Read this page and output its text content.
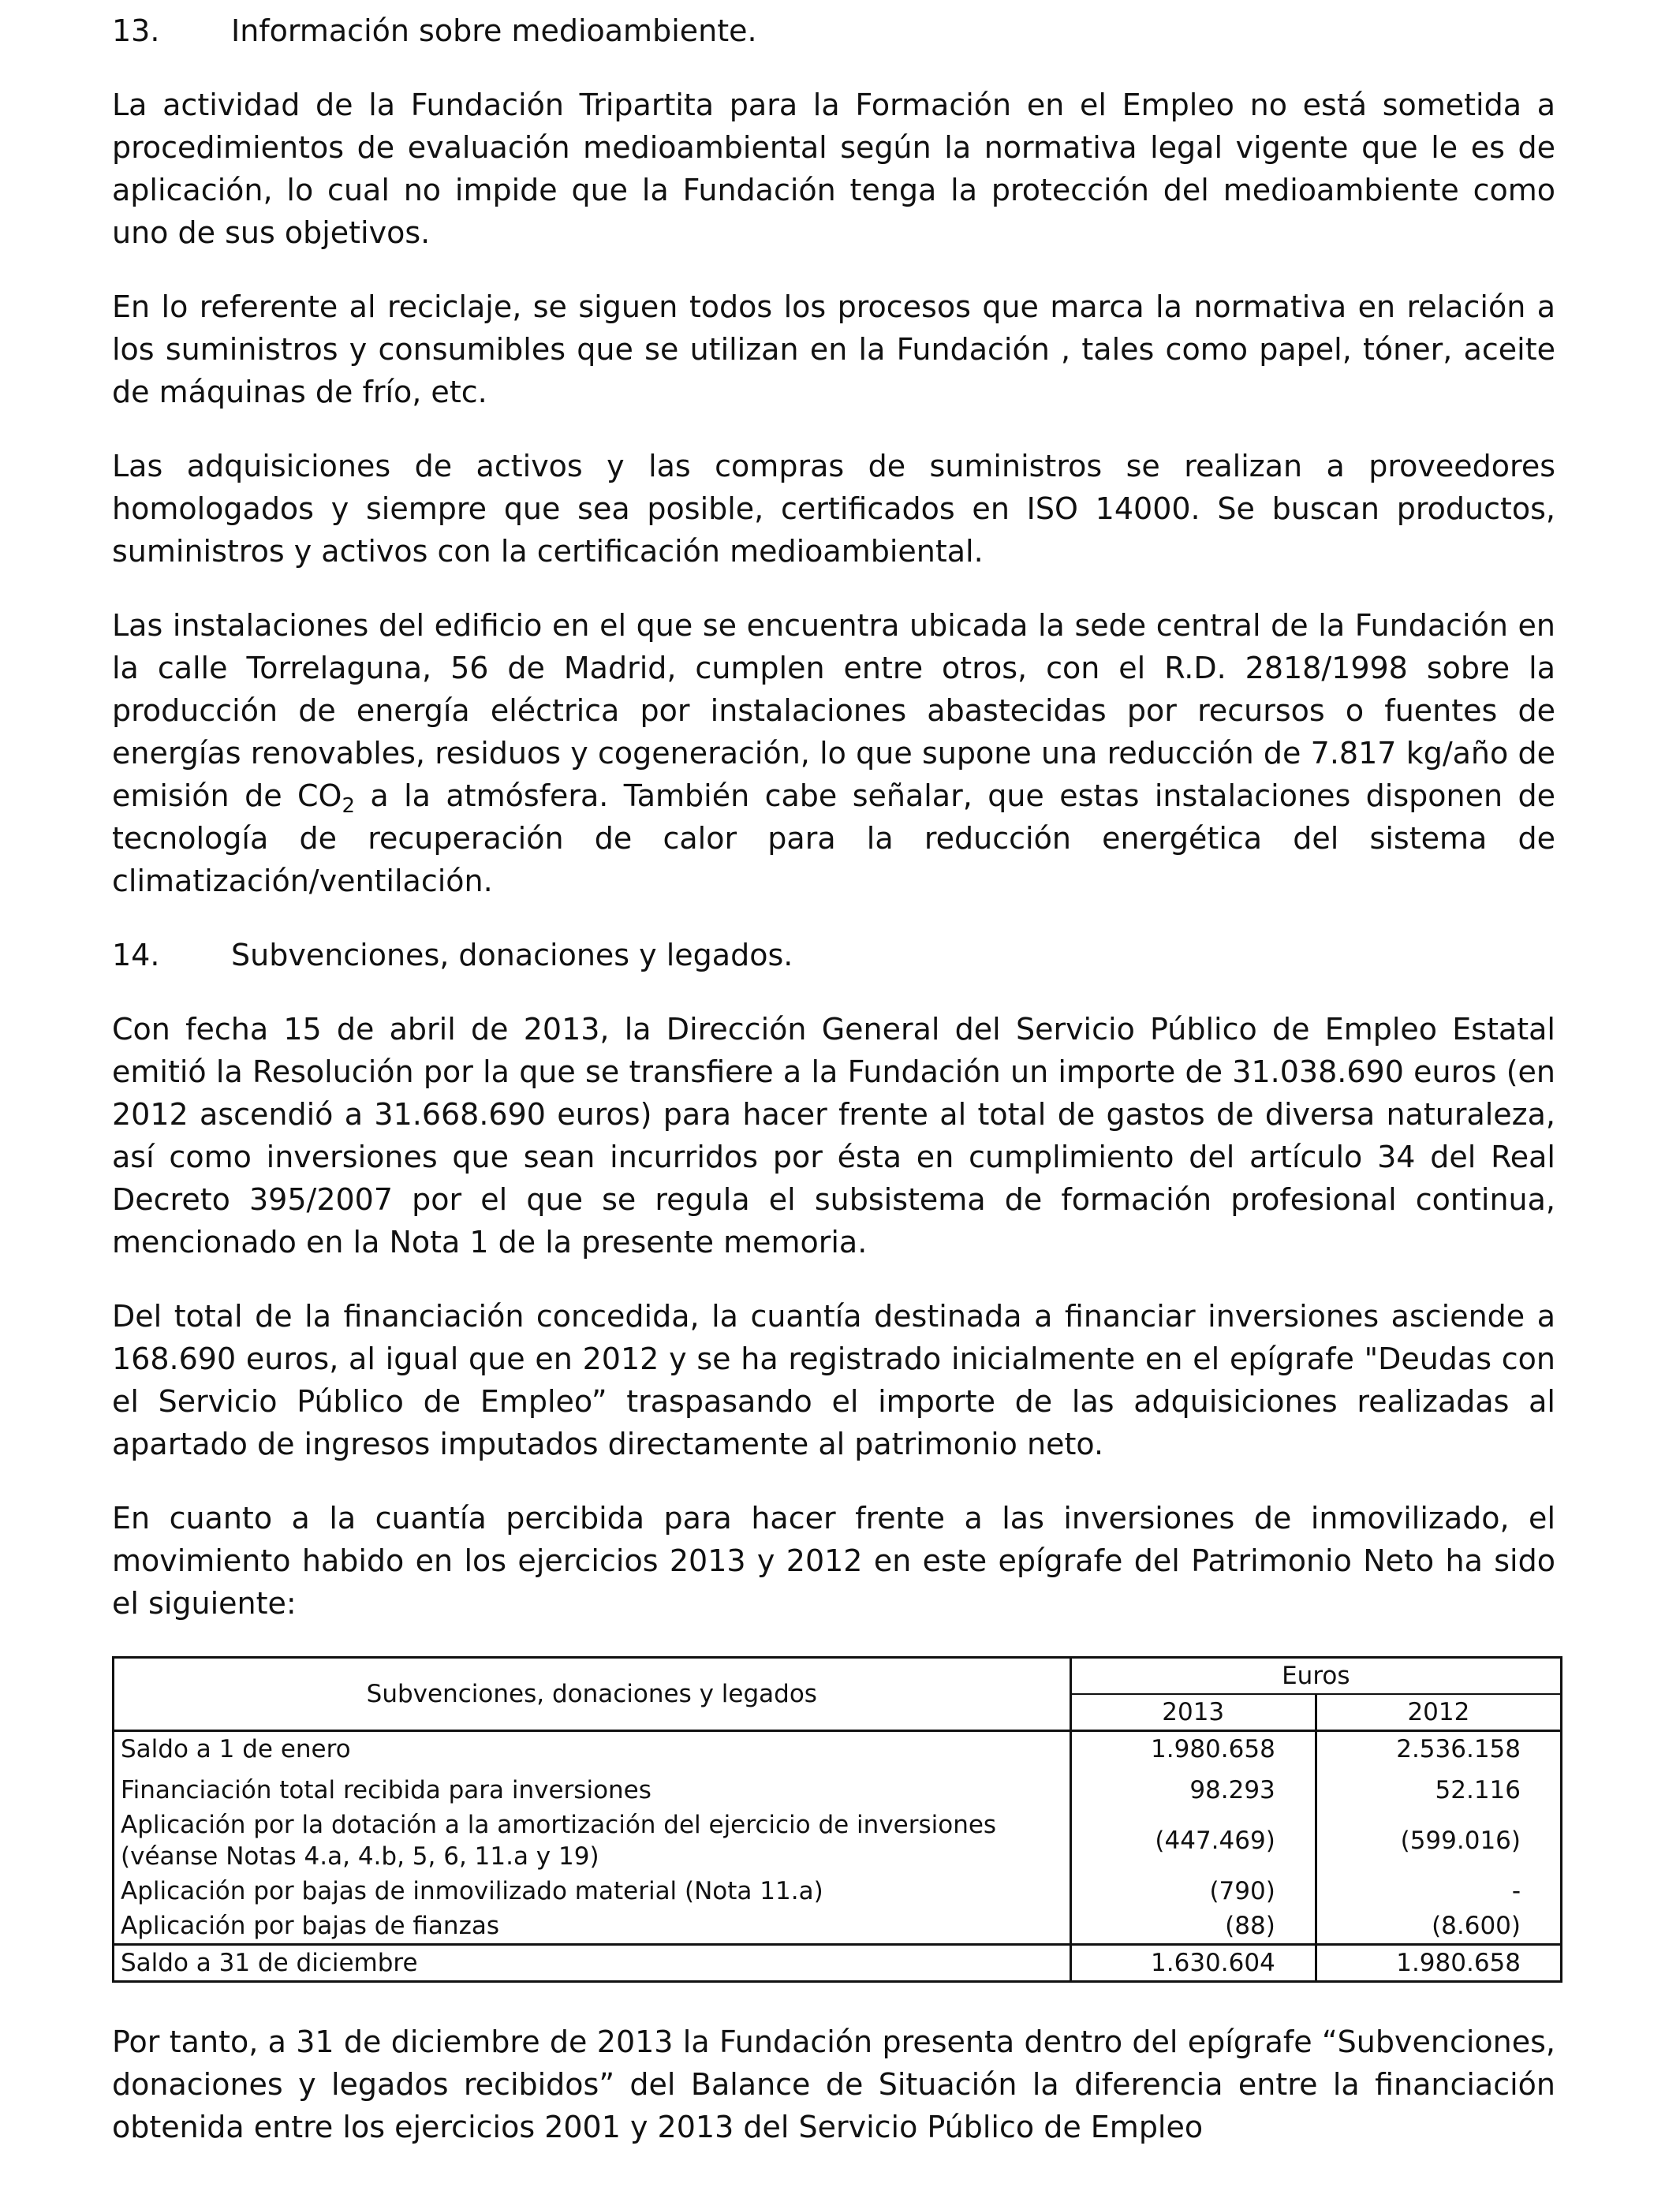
13.	Información sobre medioambiente.

La actividad de la Fundación Tripartita para la Formación en el Empleo no está sometida a procedimientos de evaluación medioambiental según la normativa legal vigente que le es de aplicación, lo cual no impide que la Fundación tenga la protección del medioambiente como uno de sus objetivos.

En lo referente al reciclaje, se siguen todos los procesos que marca la normativa en relación a los suministros y consumibles que se utilizan en la Fundación , tales como papel, tóner, aceite de máquinas de frío, etc.

Las adquisiciones de activos y las compras de suministros se realizan a proveedores homologados y siempre que sea posible, certificados en ISO 14000. Se buscan productos, suministros y activos con la certificación medioambiental.

Las instalaciones del edificio en el que se encuentra ubicada la sede central de la Fundación en la calle Torrelaguna, 56 de Madrid, cumplen entre otros, con el R.D. 2818/1998 sobre la producción de energía eléctrica por instalaciones abastecidas por recursos o fuentes de energías renovables, residuos y cogeneración, lo que supone una reducción de 7.817 kg/año de emisión de $CO_2$ a la atmósfera. También cabe señalar, que estas instalaciones disponen de tecnología de recuperación de calor para la reducción energética del sistema de climatización/ventilación.

14.	Subvenciones, donaciones y legados.

Con fecha 15 de abril de 2013, la Dirección General del Servicio Público de Empleo Estatal emitió la Resolución por la que se transfiere a la Fundación un importe de 31.038.690 euros (en 2012 ascendió a 31.668.690 euros) para hacer frente al total de gastos de diversa naturaleza, así como inversiones que sean incurridos por ésta en cumplimiento del artículo 34 del Real Decreto 395/2007 por el que se regula el subsistema de formación profesional continua, mencionado en la Nota 1 de la presente memoria.

Del total de la financiación concedida, la cuantía destinada a financiar inversiones asciende a 168.690 euros, al igual que en 2012 y se ha registrado inicialmente en el epígrafe "Deudas con el Servicio Público de Empleo” traspasando el importe de las adquisiciones realizadas al apartado de ingresos imputados directamente al patrimonio neto.

En cuanto a la cuantía percibida para hacer frente a las inversiones de inmovilizado, el movimiento habido en los ejercicios 2013 y 2012 en este epígrafe del Patrimonio Neto ha sido el siguiente:

Subvenciones, donaciones y legados	Euros	
	2013	2012
Saldo a 1 de enero	1.980.658	2.536.158
Financiación total recibida para inversiones	98.293	52.116

Aplicación por la dotación a la amortización del ejercicio de inversiones
(véanse Notas 4.a, 4.b, 5, 6, 11.a y 19)	(447.469)	(599.016)
Aplicación por bajas de inmovilizado material (Nota 11.a)	(790)	-
Aplicación por bajas de fianzas	(88)	(8.600)
Saldo a 31 de diciembre	1.630.604	1.980.658

Por tanto, a 31 de diciembre de 2013 la Fundación presenta dentro del epígrafe “Subvenciones, donaciones y legados recibidos” del Balance de Situación la diferencia entre la financiación obtenida entre los ejercicios 2001 y 2013 del Servicio Público de Empleo
